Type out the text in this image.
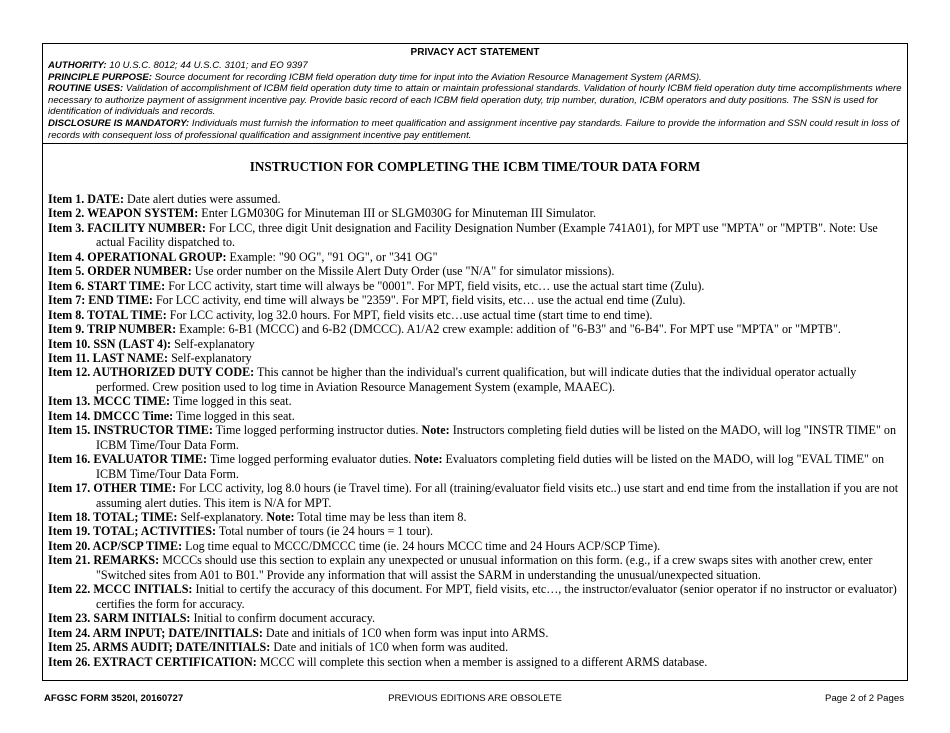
PRIVACY ACT STATEMENT

AUTHORITY: 10 U.S.C. 8012; 44 U.S.C. 3101; and EO 9397

PRINCIPLE PURPOSE: Source document for recording ICBM field operation duty time for input into the Aviation Resource Management System (ARMS).

ROUTINE USES: Validation of accomplishment of ICBM field operation duty time to attain or maintain professional standards. Validation of hourly ICBM field operation duty time accomplishments where necessary to authorize payment of assignment incentive pay. Provide basic record of each ICBM field operation duty, trip number, duration, ICBM operators and duty positions. The SSN is used for identification of individuals and records.

DISCLOSURE IS MANDATORY: Individuals must furnish the information to meet qualification and assignment incentive pay standards. Failure to provide the information and SSN could result in loss of records with consequent loss of professional qualification and assignment incentive pay entitlement.

INSTRUCTION FOR COMPLETING THE ICBM TIME/TOUR DATA FORM

Item 1. DATE: Date alert duties were assumed.

Item 2. WEAPON SYSTEM: Enter LGM030G for Minuteman III or SLGM030G for Minuteman III Simulator.

Item 3. FACILITY NUMBER: For LCC, three digit Unit designation and Facility Designation Number (Example 741A01), for MPT use "MPTA" or "MPTB". Note: Use actual Facility dispatched to.

Item 4. OPERATIONAL GROUP: Example: "90 OG", "91 OG", or "341 OG"

Item 5. ORDER NUMBER: Use order number on the Missile Alert Duty Order (use "N/A" for simulator missions).

Item 6. START TIME: For LCC activity, start time will always be "0001". For MPT, field visits, etc… use the actual start time (Zulu).

Item 7: END TIME: For LCC activity, end time will always be "2359". For MPT, field visits, etc… use the actual end time (Zulu).

Item 8. TOTAL TIME: For LCC activity, log 32.0 hours. For MPT, field visits etc…use actual time (start time to end time).

Item 9. TRIP NUMBER: Example: 6-B1 (MCCC) and 6-B2 (DMCCC). A1/A2 crew example: addition of "6-B3" and "6-B4". For MPT use "MPTA" or "MPTB".

Item 10. SSN (LAST 4): Self-explanatory

Item 11. LAST NAME: Self-explanatory

Item 12. AUTHORIZED DUTY CODE: This cannot be higher than the individual's current qualification, but will indicate duties that the individual operator actually performed. Crew position used to log time in Aviation Resource Management System (example, MAAEC).

Item 13. MCCC TIME: Time logged in this seat.

Item 14. DMCCC Time: Time logged in this seat.

Item 15. INSTRUCTOR TIME: Time logged performing instructor duties. Note: Instructors completing field duties will be listed on the MADO, will log "INSTR TIME" on ICBM Time/Tour Data Form.

Item 16. EVALUATOR TIME: Time logged performing evaluator duties. Note: Evaluators completing field duties will be listed on the MADO, will log "EVAL TIME" on ICBM Time/Tour Data Form.

Item 17. OTHER TIME: For LCC activity, log 8.0 hours (ie Travel time). For all (training/evaluator field visits etc..) use start and end time from the installation if you are not assuming alert duties. This item is N/A for MPT.

Item 18. TOTAL; TIME: Self-explanatory. Note: Total time may be less than item 8.

Item 19. TOTAL; ACTIVITIES: Total number of tours (ie 24 hours = 1 tour).

Item 20. ACP/SCP TIME: Log time equal to MCCC/DMCCC time (ie. 24 hours MCCC time and 24 Hours ACP/SCP Time).

Item 21. REMARKS: MCCCs should use this section to explain any unexpected or unusual information on this form. (e.g., if a crew swaps sites with another crew, enter "Switched sites from A01 to B01." Provide any information that will assist the SARM in understanding the unusual/unexpected situation.

Item 22. MCCC INITIALS: Initial to certify the accuracy of this document. For MPT, field visits, etc…, the instructor/evaluator (senior operator if no instructor or evaluator) certifies the form for accuracy.

Item 23. SARM INITIALS: Initial to confirm document accuracy.

Item 24. ARM INPUT; DATE/INITIALS: Date and initials of 1C0 when form was input into ARMS.

Item 25. ARMS AUDIT; DATE/INITIALS: Date and initials of 1C0 when form was audited.

Item 26. EXTRACT CERTIFICATION: MCCC will complete this section when a member is assigned to a different ARMS database.

AFGSC FORM 3520I, 20160727	PREVIOUS EDITIONS ARE OBSOLETE	Page 2 of 2 Pages
